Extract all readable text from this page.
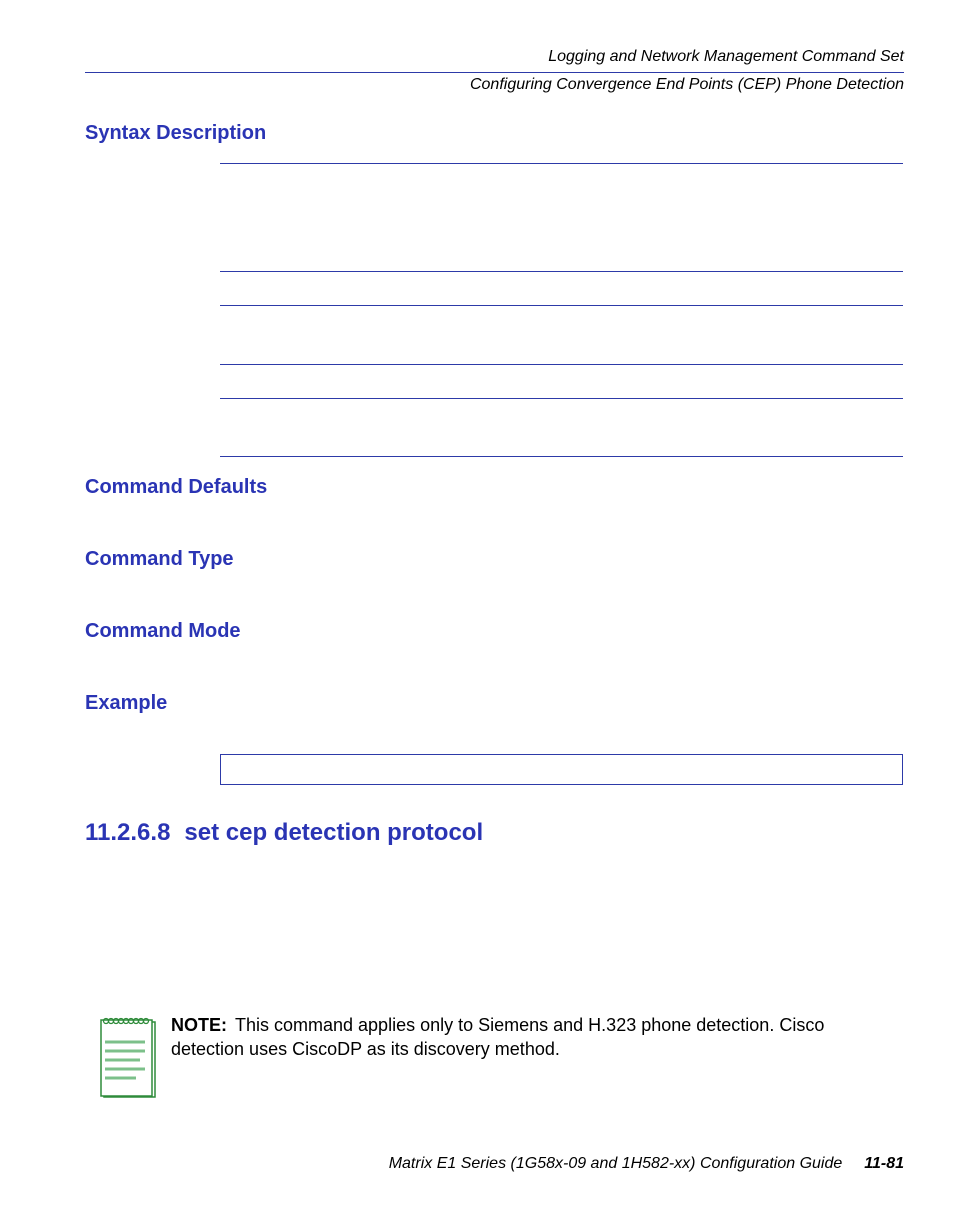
Logging and Network Management Command Set
Configuring Convergence End Points (CEP) Phone Detection
Syntax Description
Command Defaults
Command Type
Command Mode
Example
11.2.6.8 set cep detection protocol
NOTE: This command applies only to Siemens and H.323 phone detection. Cisco detection uses CiscoDP as its discovery method.
Matrix E1 Series (1G58x-09 and 1H582-xx) Configuration Guide 11-81
